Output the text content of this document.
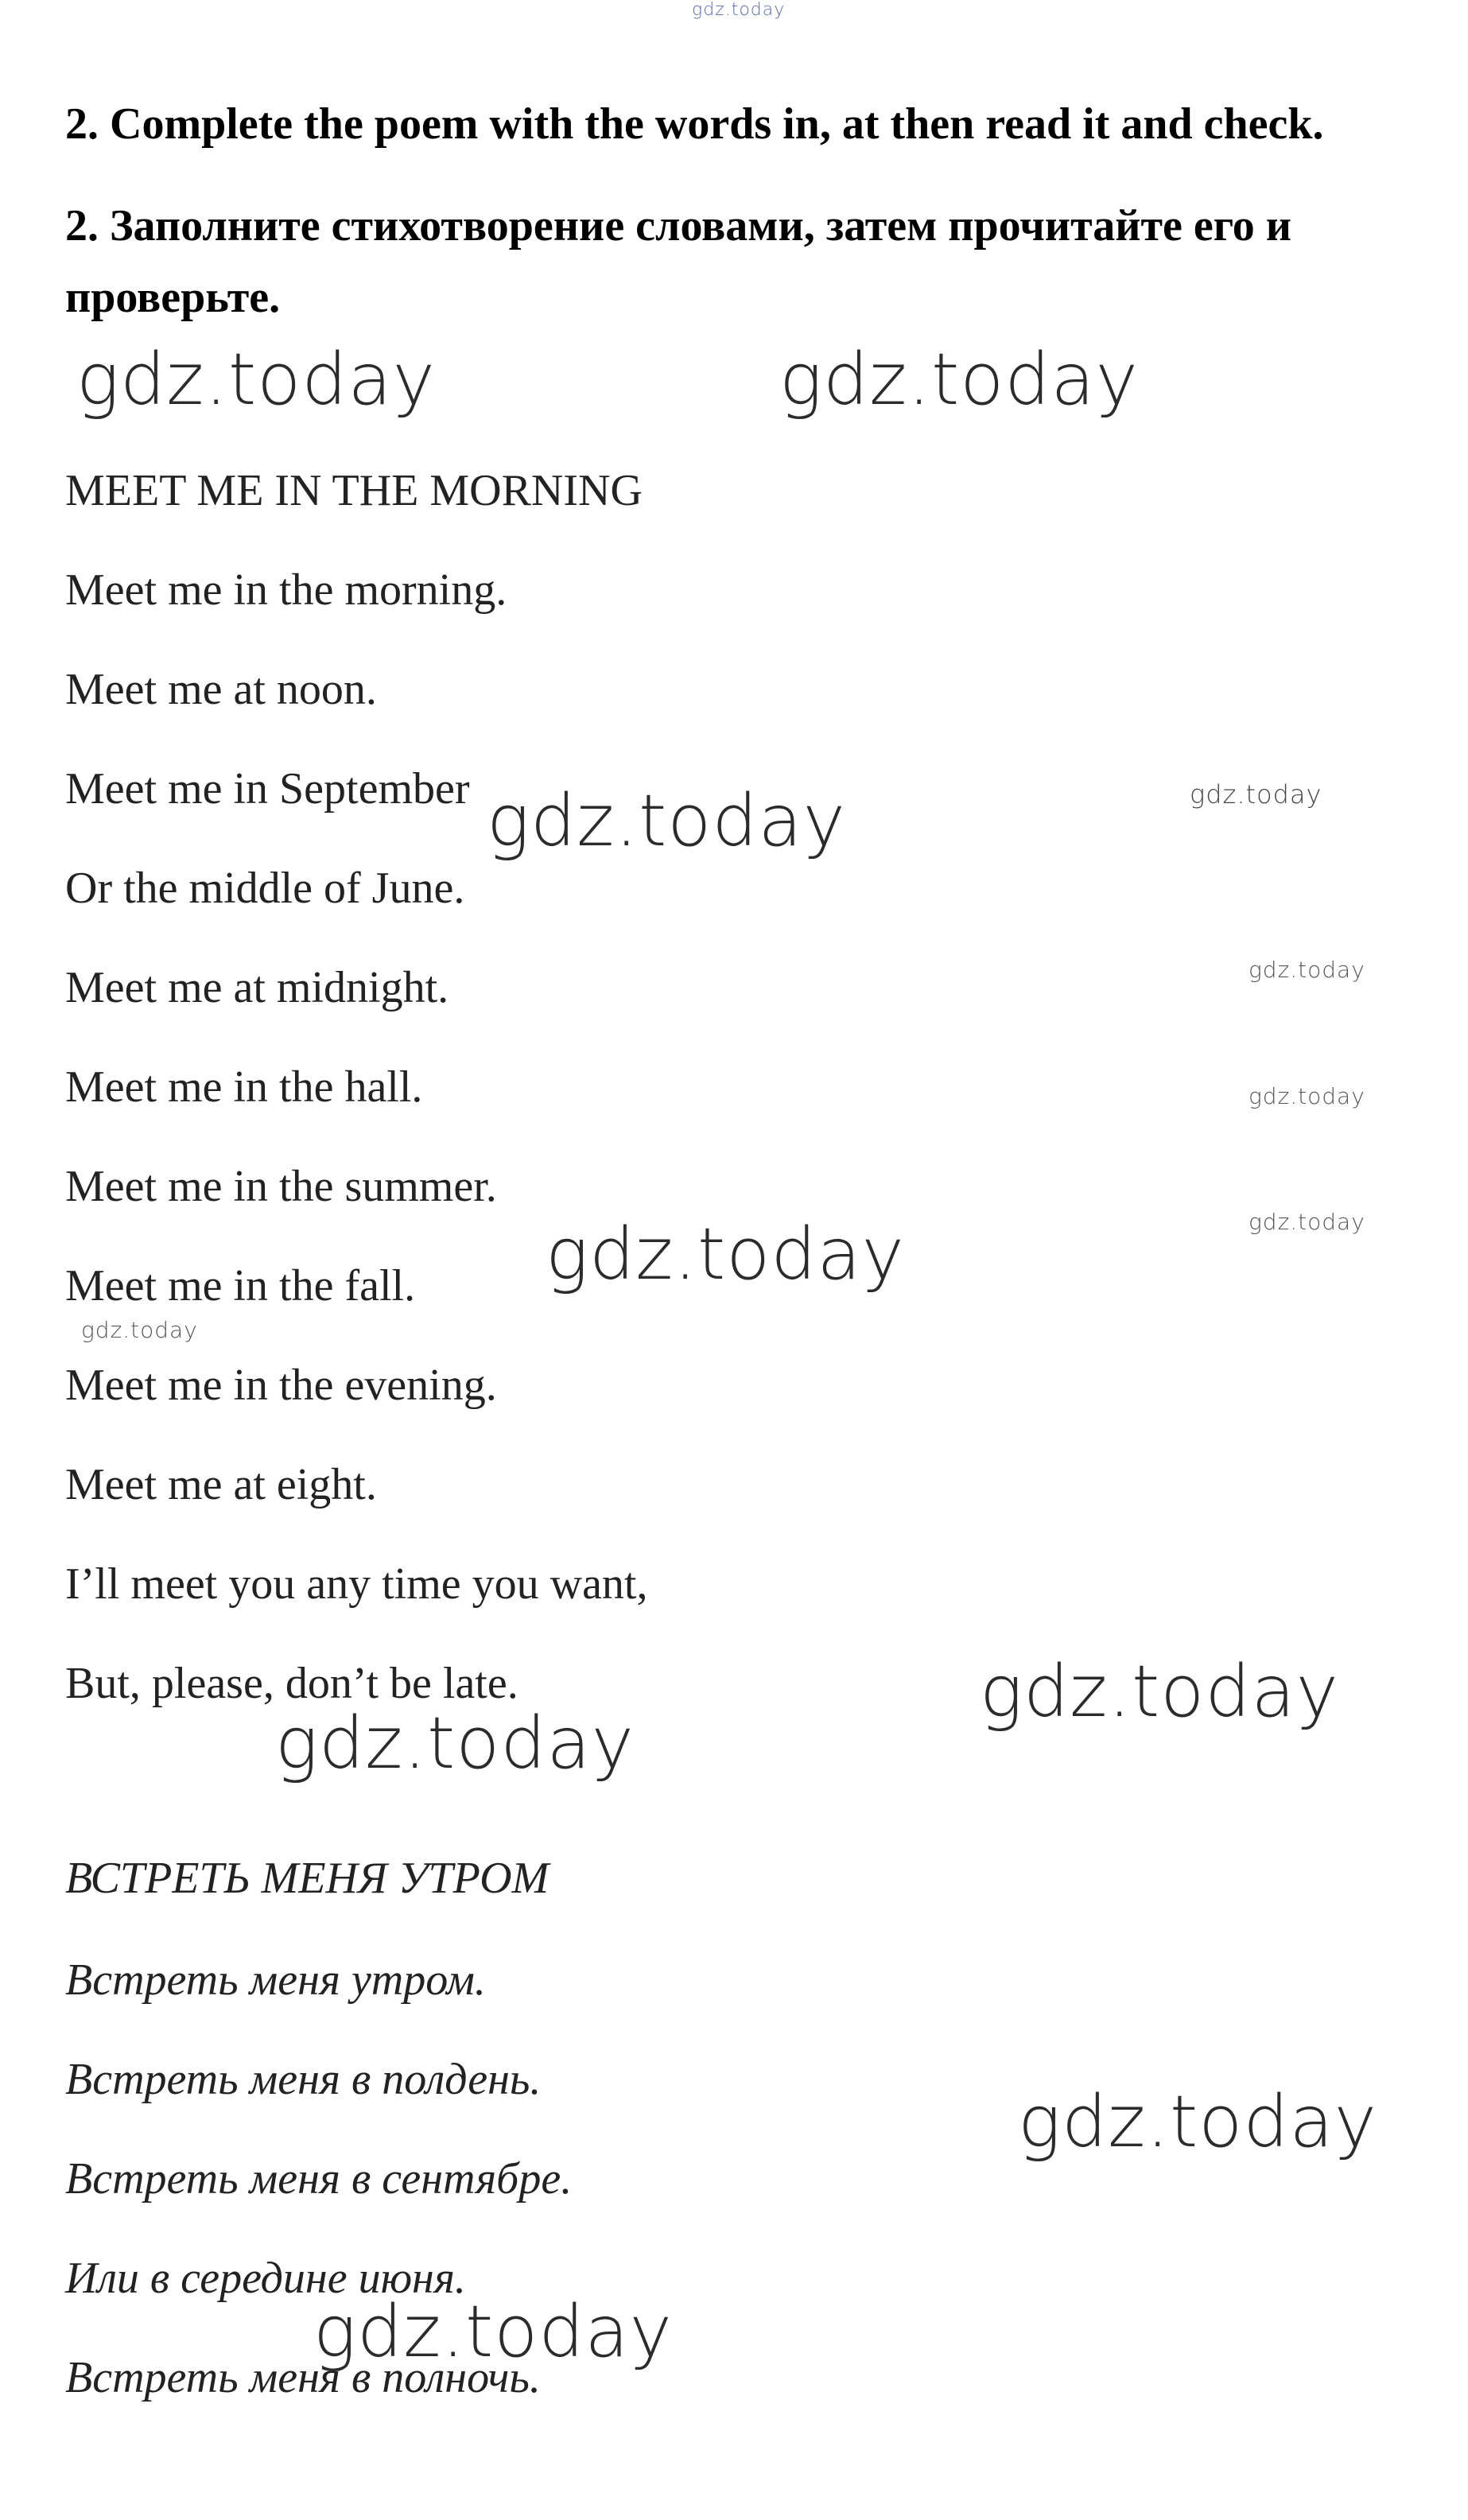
gdz.today
2. Complete the poem with the words in, at then read it and check.
2. Заполните стихотворение словами, затем прочитайте его и
проверьте.
gdz.today	gdz.today
MEET ME IN THE MORNING
Meet me in the morning.
Meet me at noon.
Meet me in September
Or the middle of June.
Meet me at midnight.
Meet me in the hall.
Meet me in the summer.
Meet me in the fall.
Meet me in the evening.
Meet me at eight.
I’ll meet you any time you want,
But, please, don’t be late.
gdz.today	gdz.today
gdz.today
gdz.today
gdz.today
gdz.today
gdz.today
gdz.today
gdz.today
ВСТРЕТЬ МЕНЯ УТРОМ
Встреть меня утром.
Встреть меня в полдень.
Встреть меня в сентябре.
Или в середине июня.
Встреть меня в полночь.
gdz.today
gdz.today
